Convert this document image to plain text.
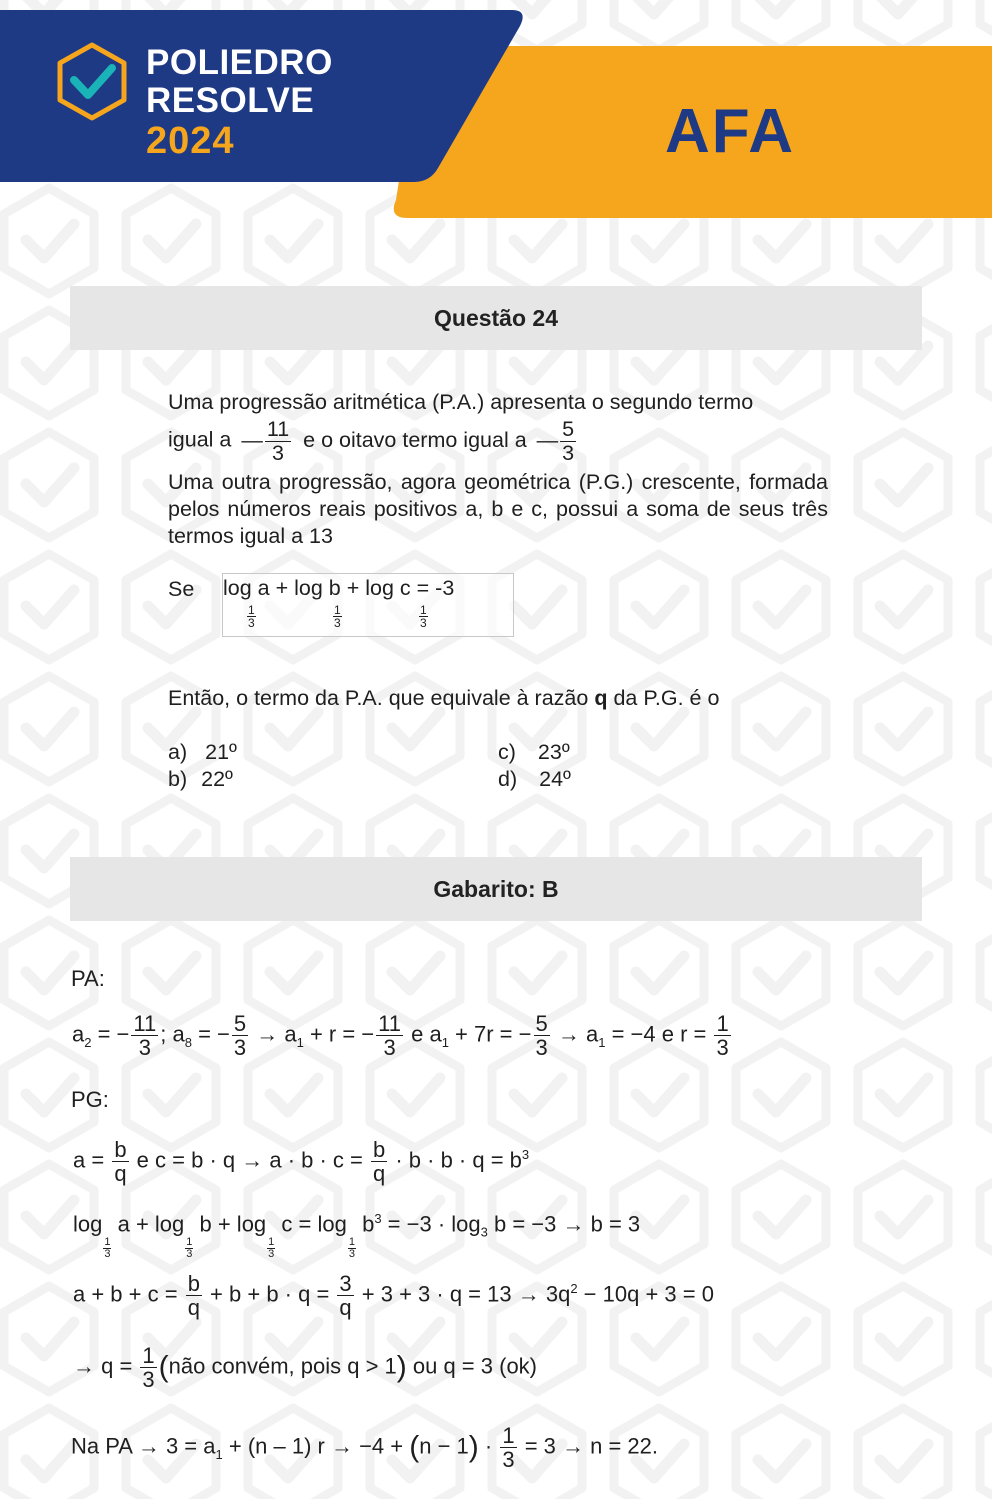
POLIEDRO
RESOLVE
2024	AFA
Questão 24
Uma progressão aritmética (P.A.) apresenta o segundo termo
igual a — $\frac{11}{3}$ e o oitavo termo igual a — $\frac{5}{3}$
Uma outra progressão, agora geométrica (P.G.) crescente, formada pelos números reais positivos a, b e c, possui a soma de seus três termos igual a 13
Se log a + log b + log c = -3
1
3
1
3
1
3
Então, o termo da P.A. que equivale à razão q da P.G. é o
a) 21º
b) 22º
c) 23º
d) 24º
Gabarito: B
PA:
$a_2$ = − $\frac{11}{3}$ ; $a_8$ = − $\frac{5}{3} \to a_1 + r$ = − $\frac{11}{3}$ e $a_1 + 7r$ = − $\frac{5}{3} \to a_1 = -4$ e $r = \frac{1}{3}$
PG:
$a = \frac{b}{q}$ e $c = b \cdot q \to a \cdot b \cdot c = \frac{b}{q} \cdot b \cdot b \cdot q = b^3$
log
$\frac{1}{3}$
a + log
$\frac{1}{3}$
b + log
$\frac{1}{3}$
c = log
$\frac{1}{3}$
$b^3 = -3 \cdot \log_3 b = -3 \to b = 3$
$a + b + c = \frac{b}{q} + b + b \cdot q = \frac{3}{q} + 3 + 3 \cdot q = 13 \to 3q^2 - 10q + 3 = 0$
→ $q = \frac{1}{3}$ (não convém, pois q > 1) ou q = 3 (ok)
Na PA → $3 = a_1 + (n - 1) r \to -4 + (n - 1) \cdot \frac{1}{3} = 3 \to n = 22$.
